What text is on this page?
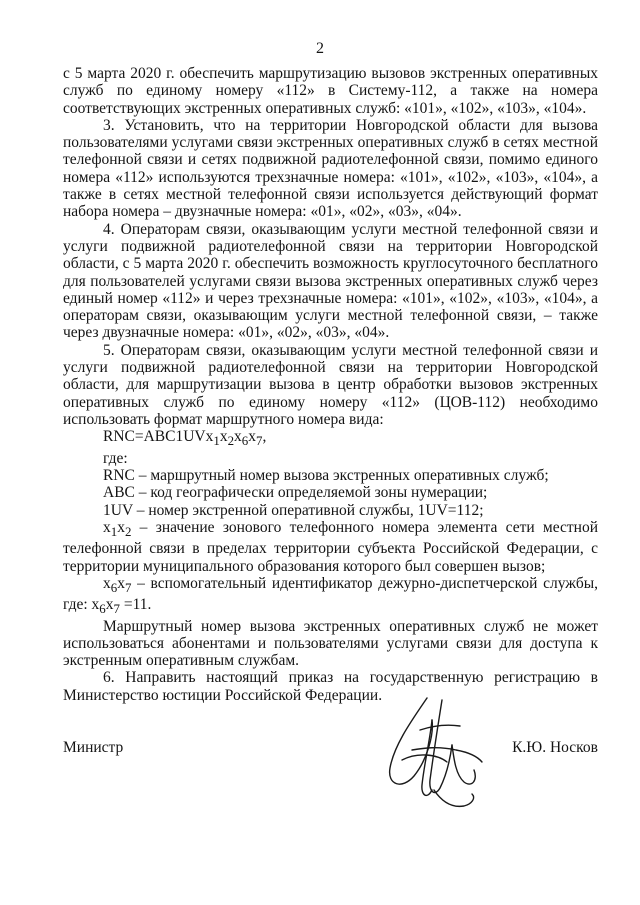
2

с 5 марта 2020 г. обеспечить маршрутизацию вызовов экстренных оперативных служб по единому номеру «112» в Систему-112, а также на номера соответствующих экстренных оперативных служб: «101», «102», «103», «104».

3. Установить, что на территории Новгородской области для вызова пользователями услугами связи экстренных оперативных служб в сетях местной телефонной связи и сетях подвижной радиотелефонной связи, помимо единого номера «112» используются трехзначные номера: «101», «102», «103», «104», а также в сетях местной телефонной связи используется действующий формат набора номера – двузначные номера: «01», «02», «03», «04».

4. Операторам связи, оказывающим услуги местной телефонной связи и услуги подвижной радиотелефонной связи на территории Новгородской области, с 5 марта 2020 г. обеспечить возможность круглосуточного бесплатного для пользователей услугами связи вызова экстренных оперативных служб через единый номер «112» и через трехзначные номера: «101», «102», «103», «104», а операторам связи, оказывающим услуги местной телефонной связи, – также через двузначные номера: «01», «02», «03», «04».

5. Операторам связи, оказывающим услуги местной телефонной связи и услуги подвижной радиотелефонной связи на территории Новгородской области, для маршрутизации вызова в центр обработки вызовов экстренных оперативных служб по единому номеру «112» (ЦОВ-112) необходимо использовать формат маршрутного номера вида:

$RNC=ABC1UVx_1x_2x_6x_7$,

где:

RNC – маршрутный номер вызова экстренных оперативных служб;

ABC – код географически определяемой зоны нумерации;

1UV – номер экстренной оперативной службы, 1UV=112;

$x_1x_2$ – значение зонового телефонного номера элемента сети местной телефонной связи в пределах территории субъекта Российской Федерации, с территории муниципального образования которого был совершен вызов;

$x_6x_7$ – вспомогательный идентификатор дежурно-диспетчерской службы, где: $x_6x_7 =11$.

Маршрутный номер вызова экстренных оперативных служб не может использоваться абонентами и пользователями услугами связи для доступа к экстренным оперативным службам.

6. Направить настоящий приказ на государственную регистрацию в Министерство юстиции Российской Федерации.

Министр	К.Ю. Носков
